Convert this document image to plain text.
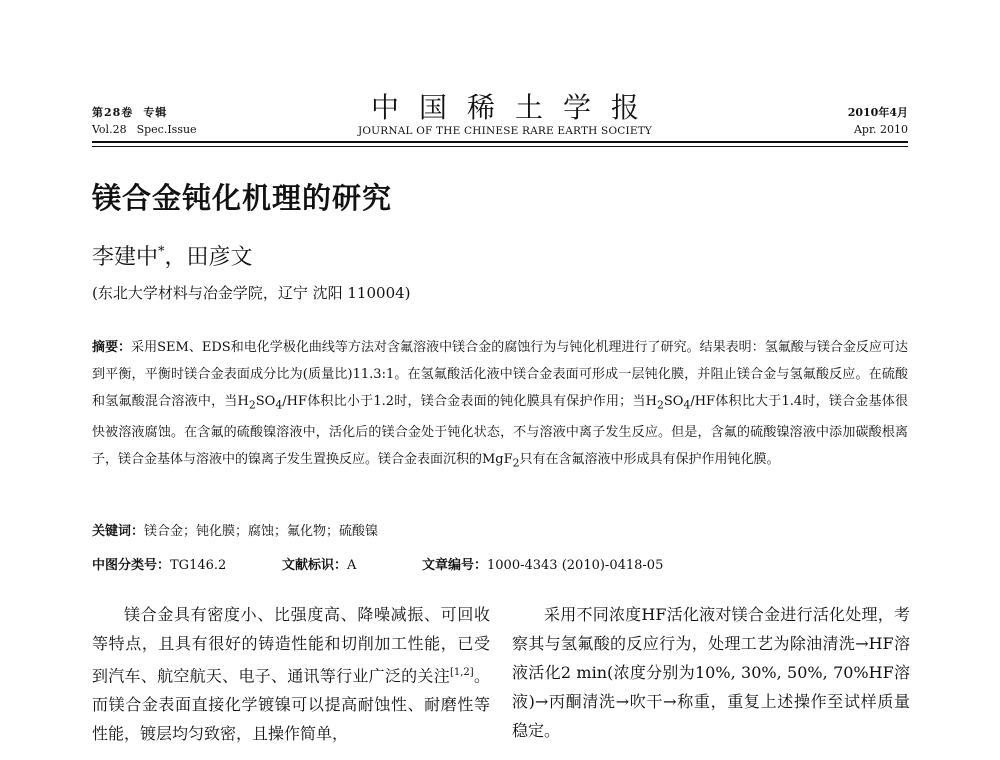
第28卷 专辑
Vol.28 Spec.Issue
中国稀土学报
JOURNAL OF THE CHINESE RARE EARTH SOCIETY
2010年4月
Apr. 2010
镁合金钝化机理的研究
李建中*，田彦文
(东北大学材料与冶金学院，辽宁 沈阳 110004)
摘要：采用SEM、EDS和电化学极化曲线等方法对含氟溶液中镁合金的腐蚀行为与钝化机理进行了研究。结果表明：氢氟酸与镁合金反应可达到平衡，平衡时镁合金表面成分比为(质量比)11.3:1。在氢氟酸活化液中镁合金表面可形成一层钝化膜，并阻止镁合金与氢氟酸反应。在硫酸和氢氟酸混合溶液中，当$H_2SO_4/HF$体积比小于1.2时，镁合金表面的钝化膜具有保护作用；当$H_2SO_4/HF$体积比大于1.4时，镁合金基体很快被溶液腐蚀。在含氟的硫酸镍溶液中，活化后的镁合金处于钝化状态，不与溶液中离子发生反应。但是，含氟的硫酸镍溶液中添加碳酸根离子，镁合金基体与溶液中的镍离子发生置换反应。镁合金表面沉积的MgF$_2$只有在含氟溶液中形成具有保护作用钝化膜。
关键词：镁合金；钝化膜；腐蚀；氟化物；硫酸镍
中图分类号：TG146.2	文献标识：A	文章编号：1000-4343 (2010)-0418-05

镁合金具有密度小、比强度高、降噪减振、可回收等特点，且具有很好的铸造性能和切削加工性能，已受到汽车、航空航天、电子、通讯等行业广泛的关注[1,2]。而镁合金表面直接化学镀镍可以提高耐蚀性、耐磨性等性能，镀层均匀致密，且操作简单，

采用不同浓度HF活化液对镁合金进行活化处理，考察其与氢氟酸的反应行为，处理工艺为除油清洗→HF溶液活化2 min(浓度分别为10%, 30%, 50%, 70%HF溶液)→丙酮清洗→吹干→称重，重复上述操作至试样质量稳定。
